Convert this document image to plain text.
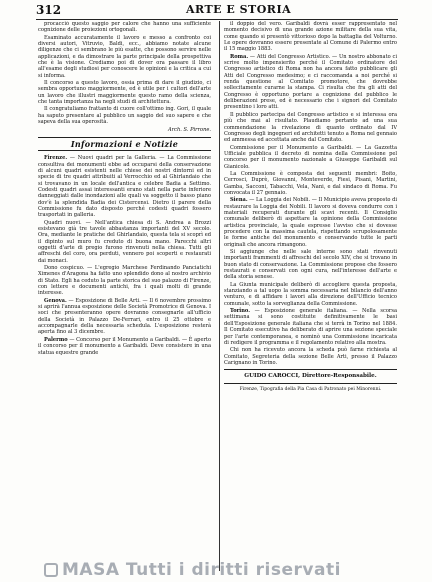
312	ARTE E STORIA

procacciò questo saggio per calore che hanno una sufficiente cognizione delle proiezioni ortogonali.

Esaminato accuratamente il lavoro e messo a confronto coi diversi autori, Vitruvio, Baldi, ecc., abbiamo notate alcune diligenze che ci sembrano le più esatte, che possono servire nelle applicazioni, e da dimostrare la parte principale della prospettiva che è la visione. Crediamo poi di dover ora passare il libro all'esame degli studiosi per conoscere le opinioni e la critica a cui si informa.

Il concorso a questo lavoro, ossia prima di dare il giudizio, ci sembra opportuno maggiormente, ed è utile per i cultori dell'arte un lavoro che illustri maggiormente questo ramo della scienza, che tanta importanza ha negli studi di architettura.

Il congratuliamo frattanto di cuore coll'ottimo ing. Gori, il quale ha saputo presentare al pubblico un saggio del suo sapere e che sapeva della sua operosità.

Arch. S. Pirrone.
Informazioni e Notizie

Firenze. — Nuovi quadri per la Galleria. — La Commissione consultiva dei monumenti ebbe ad occuparsi della conservazione di alcuni quadri esistenti nelle chiese dei nostri dintorni ed in specie di tre quadri attribuiti al Verrocchio ed al Ghirlandaio che si trovavano in un locale dell'antica e celebre Badia a Settimo. Codesti quadri assai interessanti erano stati nella parte inferiore danneggiati dalle inondazioni alle quali va soggetto il basso piano dov'è la splendida Badia dei Cistercensi. Dietro il parere della Commissione fu dato disposto perché codesti quadri fossero trasportati in galleria.

Quadri nuovi. — Nell'antica chiesa di S. Andrea a Brozzi esistevano già tre tavole abbastanza importanti del XV secolo. Ora, mediante le pratiche del Ghirlandaio, questa tela si scoprì ed il dipinto sul muro fu creduto di buona mano. Parecchi altri oggetti d'arte di pregio furono rinvenuti nella chiesa. Tutti gli affreschi del coro, ora perduti, vennero poi scoperti e restaurati dai monaci.

Dono cospicuo. — L'egregio Marchese Ferdinando Panciatichi Ximenes d'Aragona ha fatto uno splendido dono al nostro archivio di Stato. Egli ha ceduto la parte storica del suo palazzo di Firenze, con lettere e documenti antichi, fra i quali molti di grande interesse.

Genova. — Esposizione di Belle Arti. — Il 6 novembre prossimo si aprirà l'annua esposizione delle Società Promotrice di Genova. I soci che presenteranno opere dovranno consegnarle all'ufficio della Società in Palazzo De-Ferrari, entro il 25 ottobre e accompagnarle della necessaria schedula. L'esposizione resterà aperta fino al 3 dicembre.

Palermo — Concorso per il Monumento a Garibaldi. — È aperto il concorso per il monumento a Garibaldi. Deve consistere in una statua equestre grande

il doppio del vero. Garibaldi dovrà esser rappresentato nel momento decisivo di una grande azione militare della sua vita, come quando si presentò vittorioso dopo la battaglia del Volturno. Le opere dovranno essere presentate al Comune di Palermo entro il 15 maggio 1883.

Roma. — Atti del Congresso Artistico. — Un nostro abbonato ci scrive molto impensierito perché il Comitato ordinatore del Congresso artistico di Roma non ha ancora fatto pubblicare gli Atti del Congresso medesimo; e ci raccomanda a noi perché si renda questione al Comitato promotore, che dovrebbe sollecitamente curarne la stampa. Ci risulta che fra gli atti del Congresso è opportuno portare a cognizione del pubblico le deliberazioni prese, ed è necessario che i signori del Comitato presentino i loro atti.

Il pubblico partecipa del Congresso artistico e si interessa ora più che mai al risultato. Plaudiamo pertanto ad una sua commendazione la rivelazione di quanto ordinato dal IV Congresso degli ingegneri ed architetti tenuto a Roma nel gennaio ed ammessa ed accettata anche dal Comitato.

Commissione per il Monumento a Garibaldi. — La Gazzetta Ufficiale pubblica il decreto di nomina della Commissione pel concorso per il monumento nazionale a Giuseppe Garibaldi sul Gianicolo.

La Commissione è composta dei seguenti membri: Boito, Cerrosci, Duprè, Giovanni, Monteverde, Fiesi, Pisani, Martini, Gamba, Sacconi, Tabacchi, Vela, Nani, e dal sindaco di Roma. Fu convocata il 27 gennaio.

Siena. — La Loggia dei Nobili. — Il Municipio aveva proposto di restaurare la Loggia dei Nobili. Il lavoro si doveva condurre con i materiali recuperati durante gli scavi recenti. Il Consiglio comunale deliberò di aspettare la opinione della Commissione artistica provinciale, la quale espresse l'avviso che si dovesse procedere con la massima cautela, rispettando scrupolosamente le forme antiche del monumento e conservando tutte le parti originali che ancora rimangono.

Si aggiunge che nelle sale interne sono stati rinvenuti importanti frammenti di affreschi del secolo XIV, che si trovano in buon stato di conservazione. La Commissione propose che fossero restaurati e conservati con ogni cura, nell'interesse dell'arte e della storia senese.

La Giunta municipale deliberò di accogliere questa proposta, stanziando a tal uopo la somma necessaria nel bilancio dell'anno venturo, e di affidare i lavori alla direzione dell'Ufficio tecnico comunale, sotto la sorveglianza della Commissione.

Torino. — Esposizione generale italiana. — Nella scorsa settimana si sono costituite definitivamente le basi dell'Esposizione generale italiana che si terrà in Torino nel 1884. Il Comitato esecutivo ha deliberato di aprire una sezione speciale per l'arte contemporanea, e nominò una Commissione incaricata di redigere il programma e il regolamento relativo alla mostra.

Chi non ha ricevuto ancora la scheda può farne richiesta al Comitato, Segreteria della sezione Belle Arti, presso il Palazzo Carignano in Torino.

GUIDO CAROCCI, Direttore-Responsabile.
Firenze, Tipografia della Pia Casa di Patronato pei Minorenni.
MASA Tutti i diritti riservati
